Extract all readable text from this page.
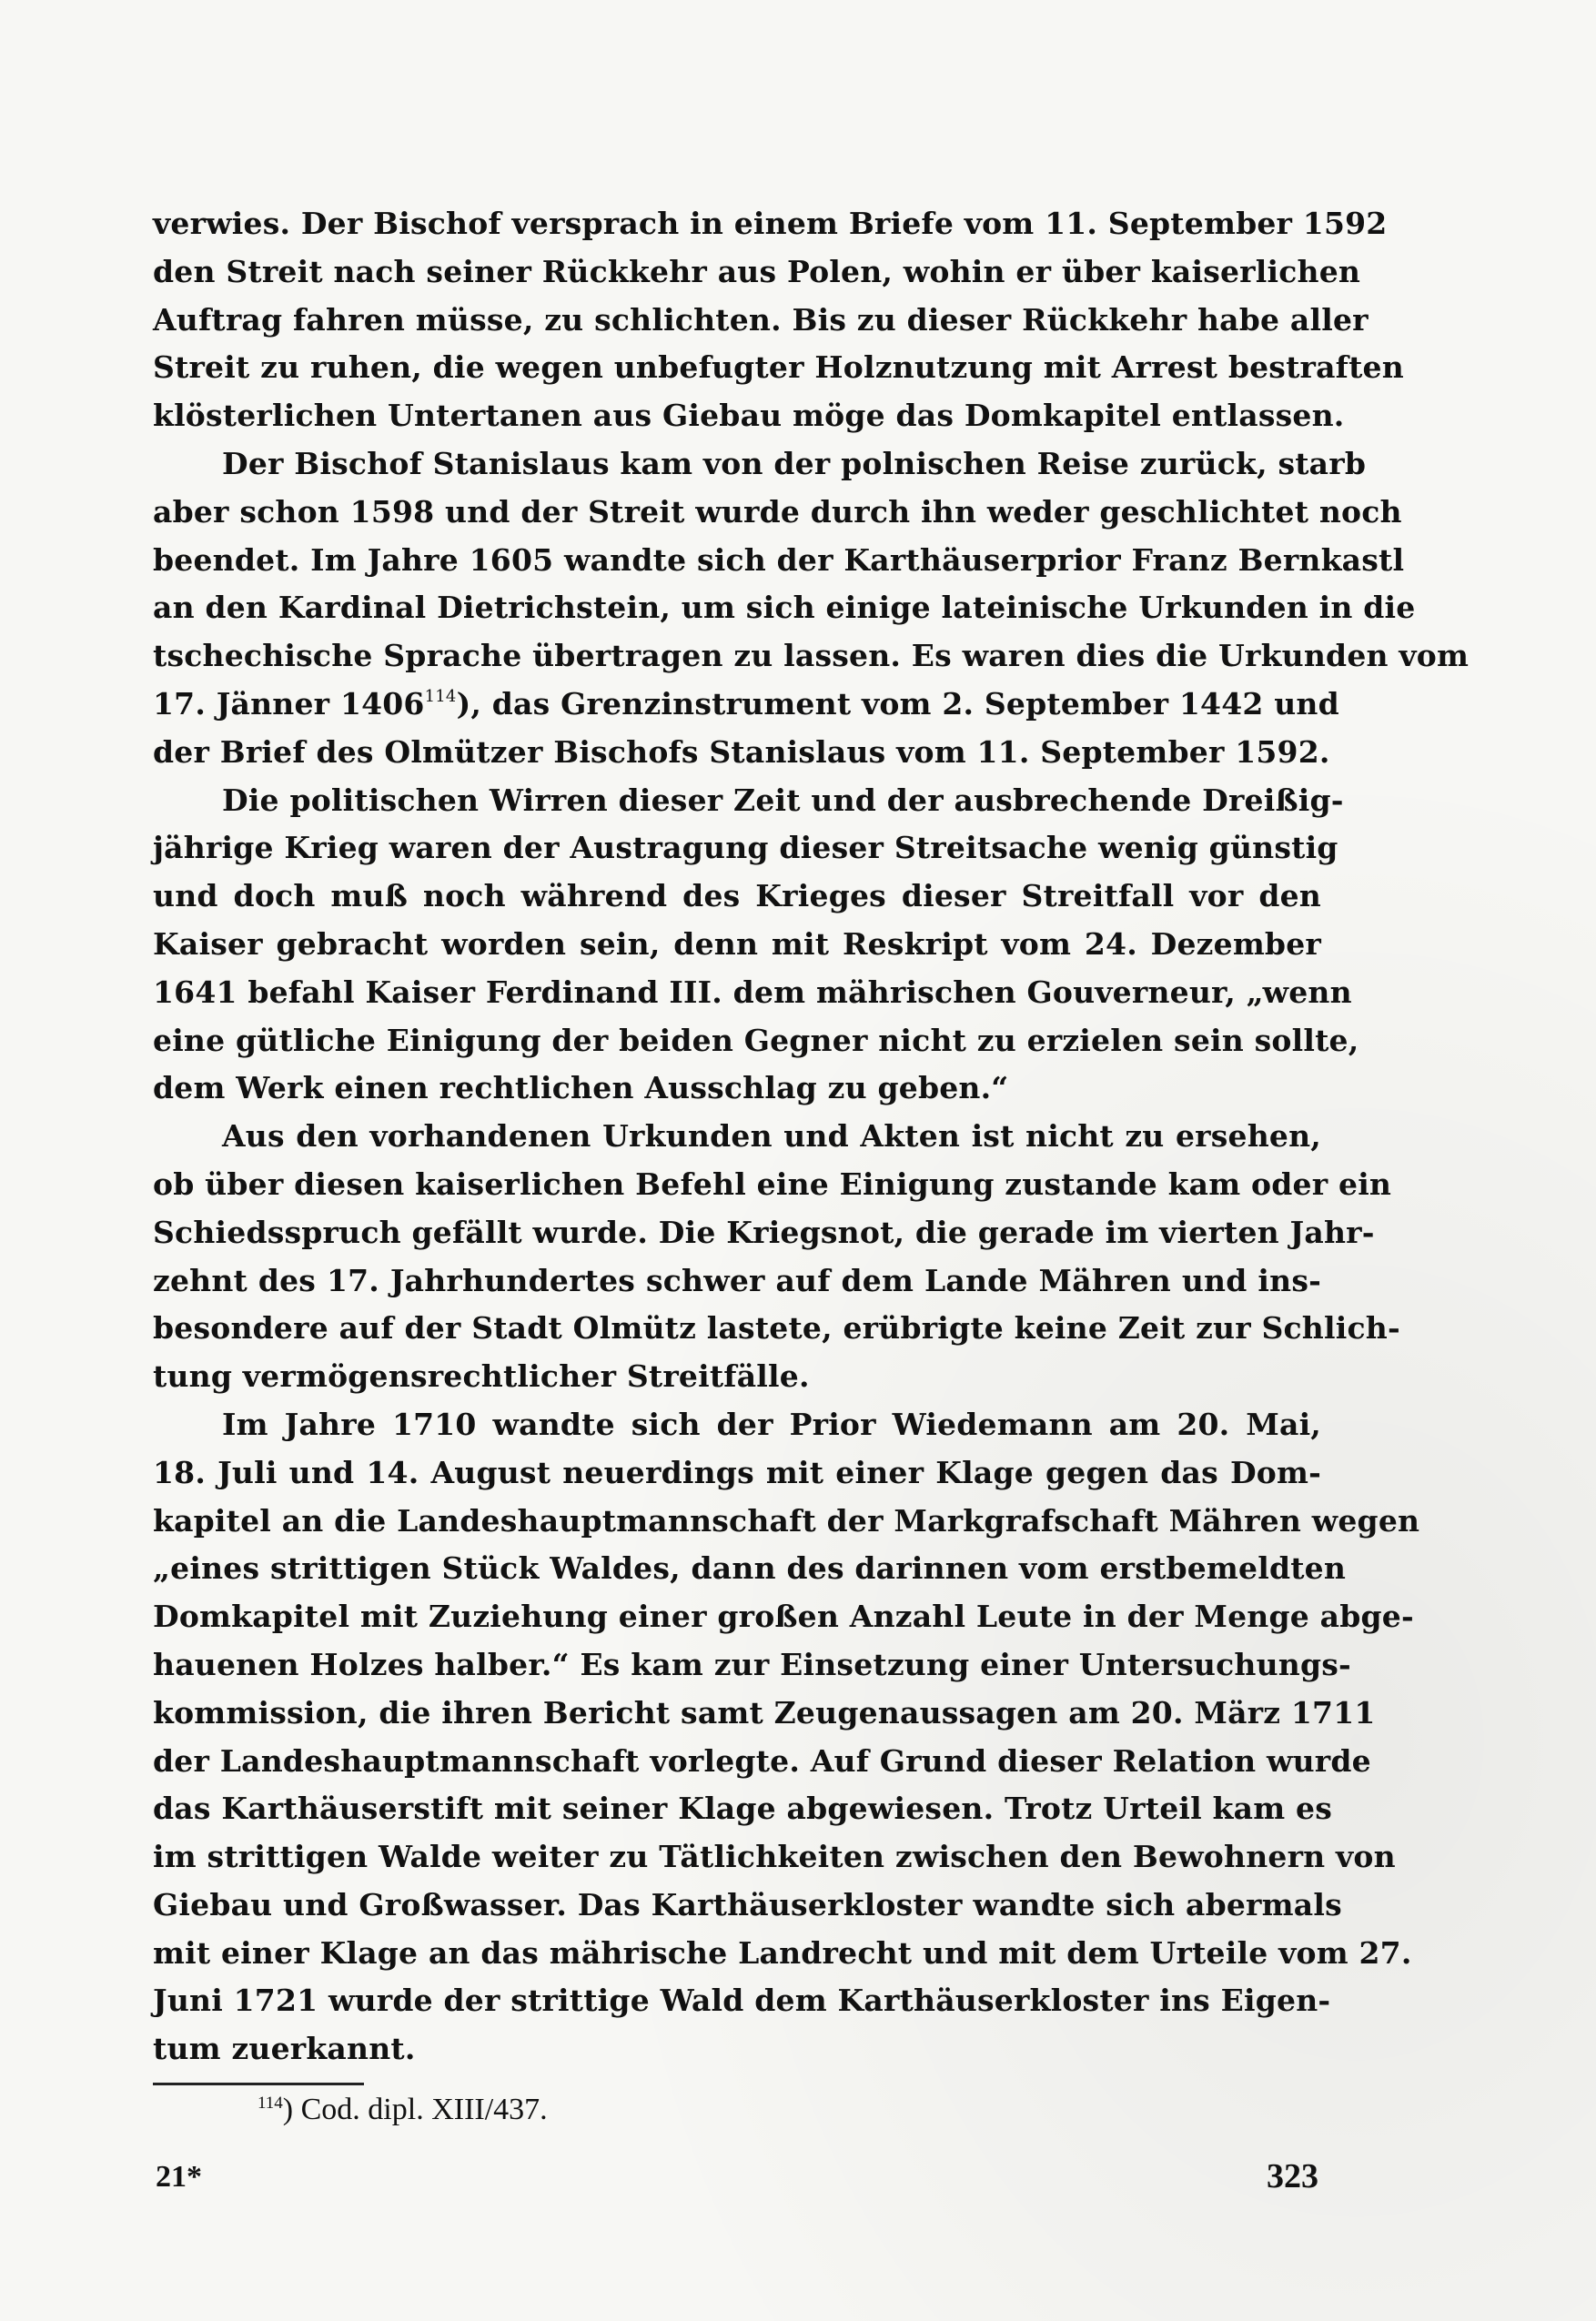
verwies. Der Bischof versprach in einem Briefe vom 11. September 1592
den Streit nach seiner Rückkehr aus Polen, wohin er über kaiserlichen
Auftrag fahren müsse, zu schlichten. Bis zu dieser Rückkehr habe aller
Streit zu ruhen, die wegen unbefugter Holznutzung mit Arrest bestraften
klösterlichen Untertanen aus Giebau möge das Domkapitel entlassen.
Der Bischof Stanislaus kam von der polnischen Reise zurück, starb
aber schon 1598 und der Streit wurde durch ihn weder geschlichtet noch
beendet. Im Jahre 1605 wandte sich der Karthäuserprior Franz Bernkastl
an den Kardinal Dietrichstein, um sich einige lateinische Urkunden in die
tschechische Sprache übertragen zu lassen. Es waren dies die Urkunden vom
17. Jänner 1406$^{114}$), das Grenzinstrument vom 2. September 1442 und
der Brief des Olmützer Bischofs Stanislaus vom 11. September 1592.
Die politischen Wirren dieser Zeit und der ausbrechende Dreißig-
jährige Krieg waren der Austragung dieser Streitsache wenig günstig
und doch muß noch während des Krieges dieser Streitfall vor den
Kaiser gebracht worden sein, denn mit Reskript vom 24. Dezember
1641 befahl Kaiser Ferdinand III. dem mährischen Gouverneur, „wenn
eine gütliche Einigung der beiden Gegner nicht zu erzielen sein sollte,
dem Werk einen rechtlichen Ausschlag zu geben.“
Aus den vorhandenen Urkunden und Akten ist nicht zu ersehen,
ob über diesen kaiserlichen Befehl eine Einigung zustande kam oder ein
Schiedsspruch gefällt wurde. Die Kriegsnot, die gerade im vierten Jahr-
zehnt des 17. Jahrhundertes schwer auf dem Lande Mähren und ins-
besondere auf der Stadt Olmütz lastete, erübrigte keine Zeit zur Schlich-
tung vermögensrechtlicher Streitfälle.
Im Jahre 1710 wandte sich der Prior Wiedemann am 20. Mai,
18. Juli und 14. August neuerdings mit einer Klage gegen das Dom-
kapitel an die Landeshauptmannschaft der Markgrafschaft Mähren wegen
„eines strittigen Stück Waldes, dann des darinnen vom erstbemeldten
Domkapitel mit Zuziehung einer großen Anzahl Leute in der Menge abge-
hauenen Holzes halber.“ Es kam zur Einsetzung einer Untersuchungs-
kommission, die ihren Bericht samt Zeugenaussagen am 20. März 1711
der Landeshauptmannschaft vorlegte. Auf Grund dieser Relation wurde
das Karthäuserstift mit seiner Klage abgewiesen. Trotz Urteil kam es
im strittigen Walde weiter zu Tätlichkeiten zwischen den Bewohnern von
Giebau und Großwasser. Das Karthäuserkloster wandte sich abermals
mit einer Klage an das mährische Landrecht und mit dem Urteile vom 27.
Juni 1721 wurde der strittige Wald dem Karthäuserkloster ins Eigen-
tum zuerkannt.
$^{114}$) Cod. dipl. XIII/437.
21*	323
